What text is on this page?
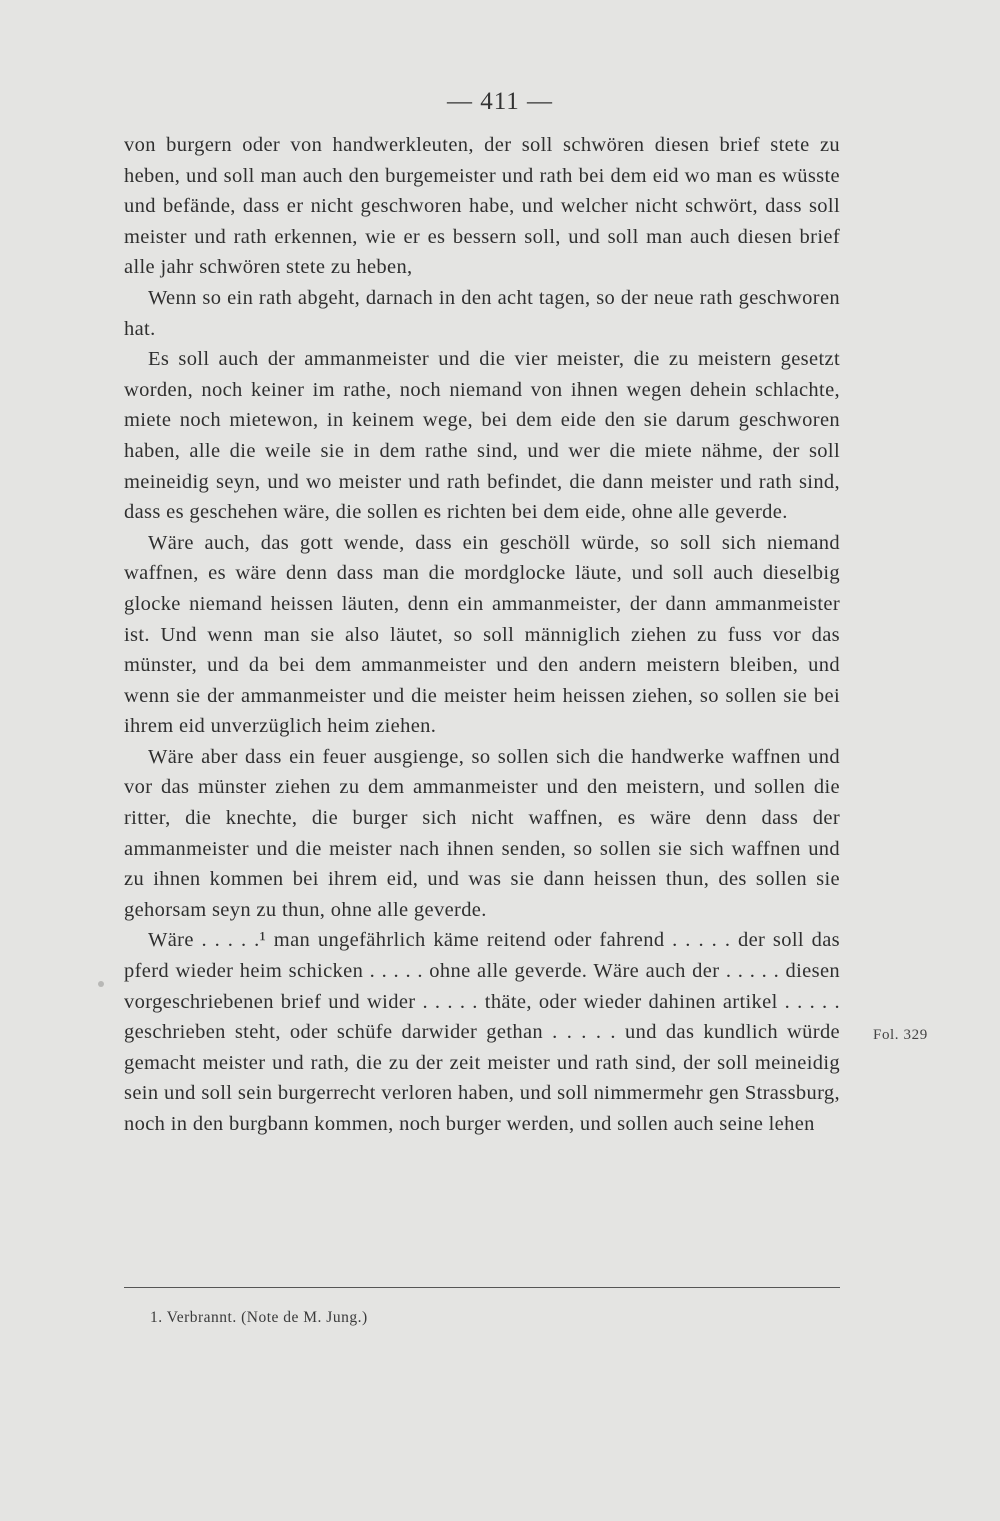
— 411 —

von burgern oder von handwerkleuten, der soll schwören diesen brief stete zu heben, und soll man auch den burgemeister und rath bei dem eid wo man es wüsste und befände, dass er nicht geschworen habe, und welcher nicht schwört, dass soll meister und rath erkennen, wie er es bessern soll, und soll man auch diesen brief alle jahr schwören stete zu heben,

Wenn so ein rath abgeht, darnach in den acht tagen, so der neue rath geschworen hat.

Es soll auch der ammanmeister und die vier meister, die zu meistern gesetzt worden, noch keiner im rathe, noch niemand von ihnen wegen dehein schlachte, miete noch mietewon, in keinem wege, bei dem eide den sie darum geschworen haben, alle die weile sie in dem rathe sind, und wer die miete nähme, der soll meineidig seyn, und wo meister und rath befindet, die dann meister und rath sind, dass es geschehen wäre, die sollen es richten bei dem eide, ohne alle geverde.

Wäre auch, das gott wende, dass ein geschöll würde, so soll sich niemand waffnen, es wäre denn dass man die mordglocke läute, und soll auch dieselbig glocke niemand heissen läuten, denn ein ammanmeister, der dann ammanmeister ist. Und wenn man sie also läutet, so soll männiglich ziehen zu fuss vor das münster, und da bei dem ammanmeister und den andern meistern bleiben, und wenn sie der ammanmeister und die meister heim heissen ziehen, so sollen sie bei ihrem eid unverzüglich heim ziehen.

Wäre aber dass ein feuer ausgienge, so sollen sich die handwerke waffnen und vor das münster ziehen zu dem ammanmeister und den meistern, und sollen die ritter, die knechte, die burger sich nicht waffnen, es wäre denn dass der ammanmeister und die meister nach ihnen senden, so sollen sie sich waffnen und zu ihnen kommen bei ihrem eid, und was sie dann heissen thun, des sollen sie gehorsam seyn zu thun, ohne alle geverde.

Wäre . . . . .¹ man ungefährlich käme reitend oder fahrend . . . . . der soll das pferd wieder heim schicken . . . . . ohne alle geverde. Wäre auch der . . . . . diesen vorgeschriebenen brief und wider . . . . . thäte, oder wieder dahinen artikel . . . . . geschrieben steht, oder schüfe darwider gethan . . . . . und das kundlich würde gemacht meister und rath, die zu der zeit meister und rath sind, der soll meineidig sein und soll sein burgerrecht verloren haben, und soll nimmermehr gen Strassburg, noch in den burgbann kommen, noch burger werden, und sollen auch seine lehen

Fol. 329
1. Verbrannt. (Note de M. Jung.)
